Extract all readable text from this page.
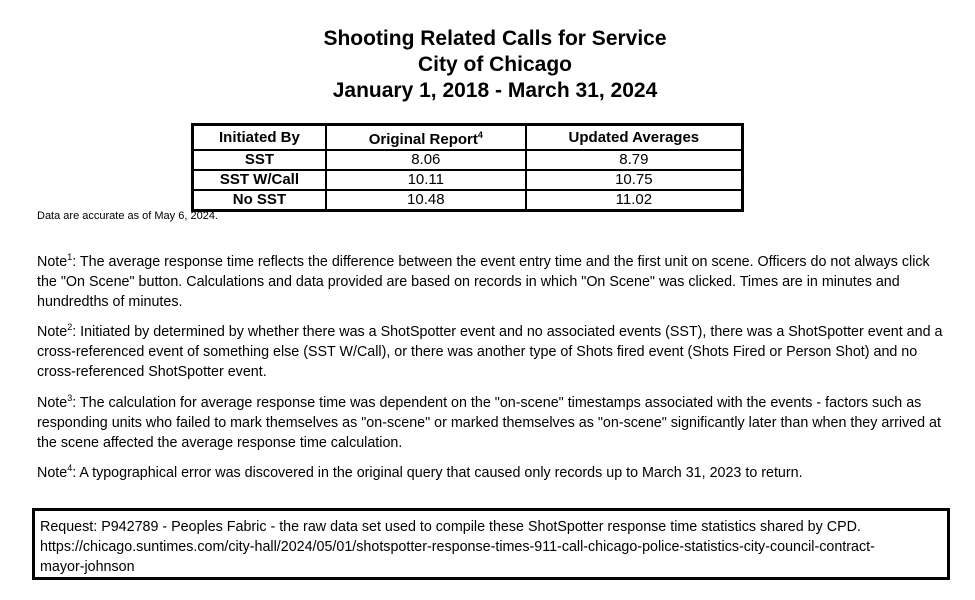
Shooting Related Calls for Service
City of Chicago
January 1, 2018 - March 31, 2024
Initiated By	Original Report$^4$	Updated Averages
SST	8.06	8.79
SST W/Call	10.11	10.75
No SST	10.48	11.02
Data are accurate as of May 6, 2024.
Note$^1$: The average response time reflects the difference between the event entry time and the first unit on scene. Officers do not always click the "On Scene" button. Calculations and data provided are based on records in which "On Scene" was clicked. Times are in minutes and hundredths of minutes.
Note$^2$: Initiated by determined by whether there was a ShotSpotter event and no associated events (SST), there was a ShotSpotter event and a cross-referenced event of something else (SST W/Call), or there was another type of Shots fired event (Shots Fired or Person Shot) and no cross-referenced ShotSpotter event.
Note$^3$: The calculation for average response time was dependent on the "on-scene" timestamps associated with the events - factors such as responding units who failed to mark themselves as "on-scene" or marked themselves as "on-scene" significantly later than when they arrived at the scene affected the average response time calculation.
Note$^4$: A typographical error was discovered in the original query that caused only records up to March 31, 2023 to return.
Request: P942789 - Peoples Fabric - the raw data set used to compile these ShotSpotter response time statistics shared by CPD.
https://chicago.suntimes.com/city-hall/2024/05/01/shotspotter-response-times-911-call-chicago-police-statistics-city-council-contract-
mayor-johnson
